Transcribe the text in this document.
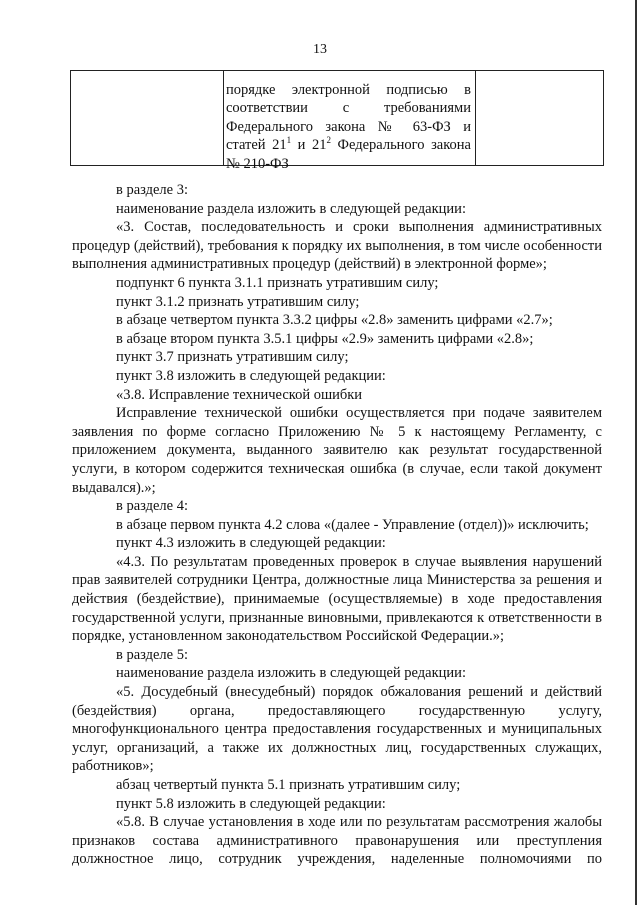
13
порядке электронной подписью в
соответствии с требованиями
Федерального закона № 63-ФЗ и
статей $21^1$ и $21^2$ Федерального закона
№ 210-ФЗ
в разделе 3:
наименование раздела изложить в следующей редакции:
«3. Состав, последовательность и сроки выполнения административных процедур (действий), требования к порядку их выполнения, в том числе особенности выполнения административных процедур (действий) в электронной форме»;
подпункт 6 пункта 3.1.1 признать утратившим силу;
пункт 3.1.2 признать утратившим силу;
в абзаце четвертом пункта 3.3.2 цифры «2.8» заменить цифрами «2.7»;
в абзаце втором пункта 3.5.1 цифры «2.9» заменить цифрами «2.8»;
пункт 3.7 признать утратившим силу;
пункт 3.8 изложить в следующей редакции:
«3.8. Исправление технической ошибки
Исправление технической ошибки осуществляется при подаче заявителем заявления по форме согласно Приложению № 5 к настоящему Регламенту, с приложением документа, выданного заявителю как результат государственной услуги, в котором содержится техническая ошибка (в случае, если такой документ выдавался).»;
в разделе 4:
в абзаце первом пункта 4.2 слова «(далее - Управление (отдел))» исключить;
пункт 4.3 изложить в следующей редакции:
«4.3. По результатам проведенных проверок в случае выявления нарушений прав заявителей сотрудники Центра, должностные лица Министерства за решения и действия (бездействие), принимаемые (осуществляемые) в ходе предоставления государственной услуги, признанные виновными, привлекаются к ответственности в порядке, установленном законодательством Российской Федерации.»;
в разделе 5:
наименование раздела изложить в следующей редакции:
«5. Досудебный (внесудебный) порядок обжалования решений и действий (бездействия) органа, предоставляющего государственную услугу, многофункционального центра предоставления государственных и муниципальных услуг, организаций, а также их должностных лиц, государственных служащих, работников»;
абзац четвертый пункта 5.1 признать утратившим силу;
пункт 5.8 изложить в следующей редакции:
«5.8. В случае установления в ходе или по результатам рассмотрения жалобы признаков состава административного правонарушения или преступления должностное лицо, сотрудник учреждения, наделенные полномочиями по
